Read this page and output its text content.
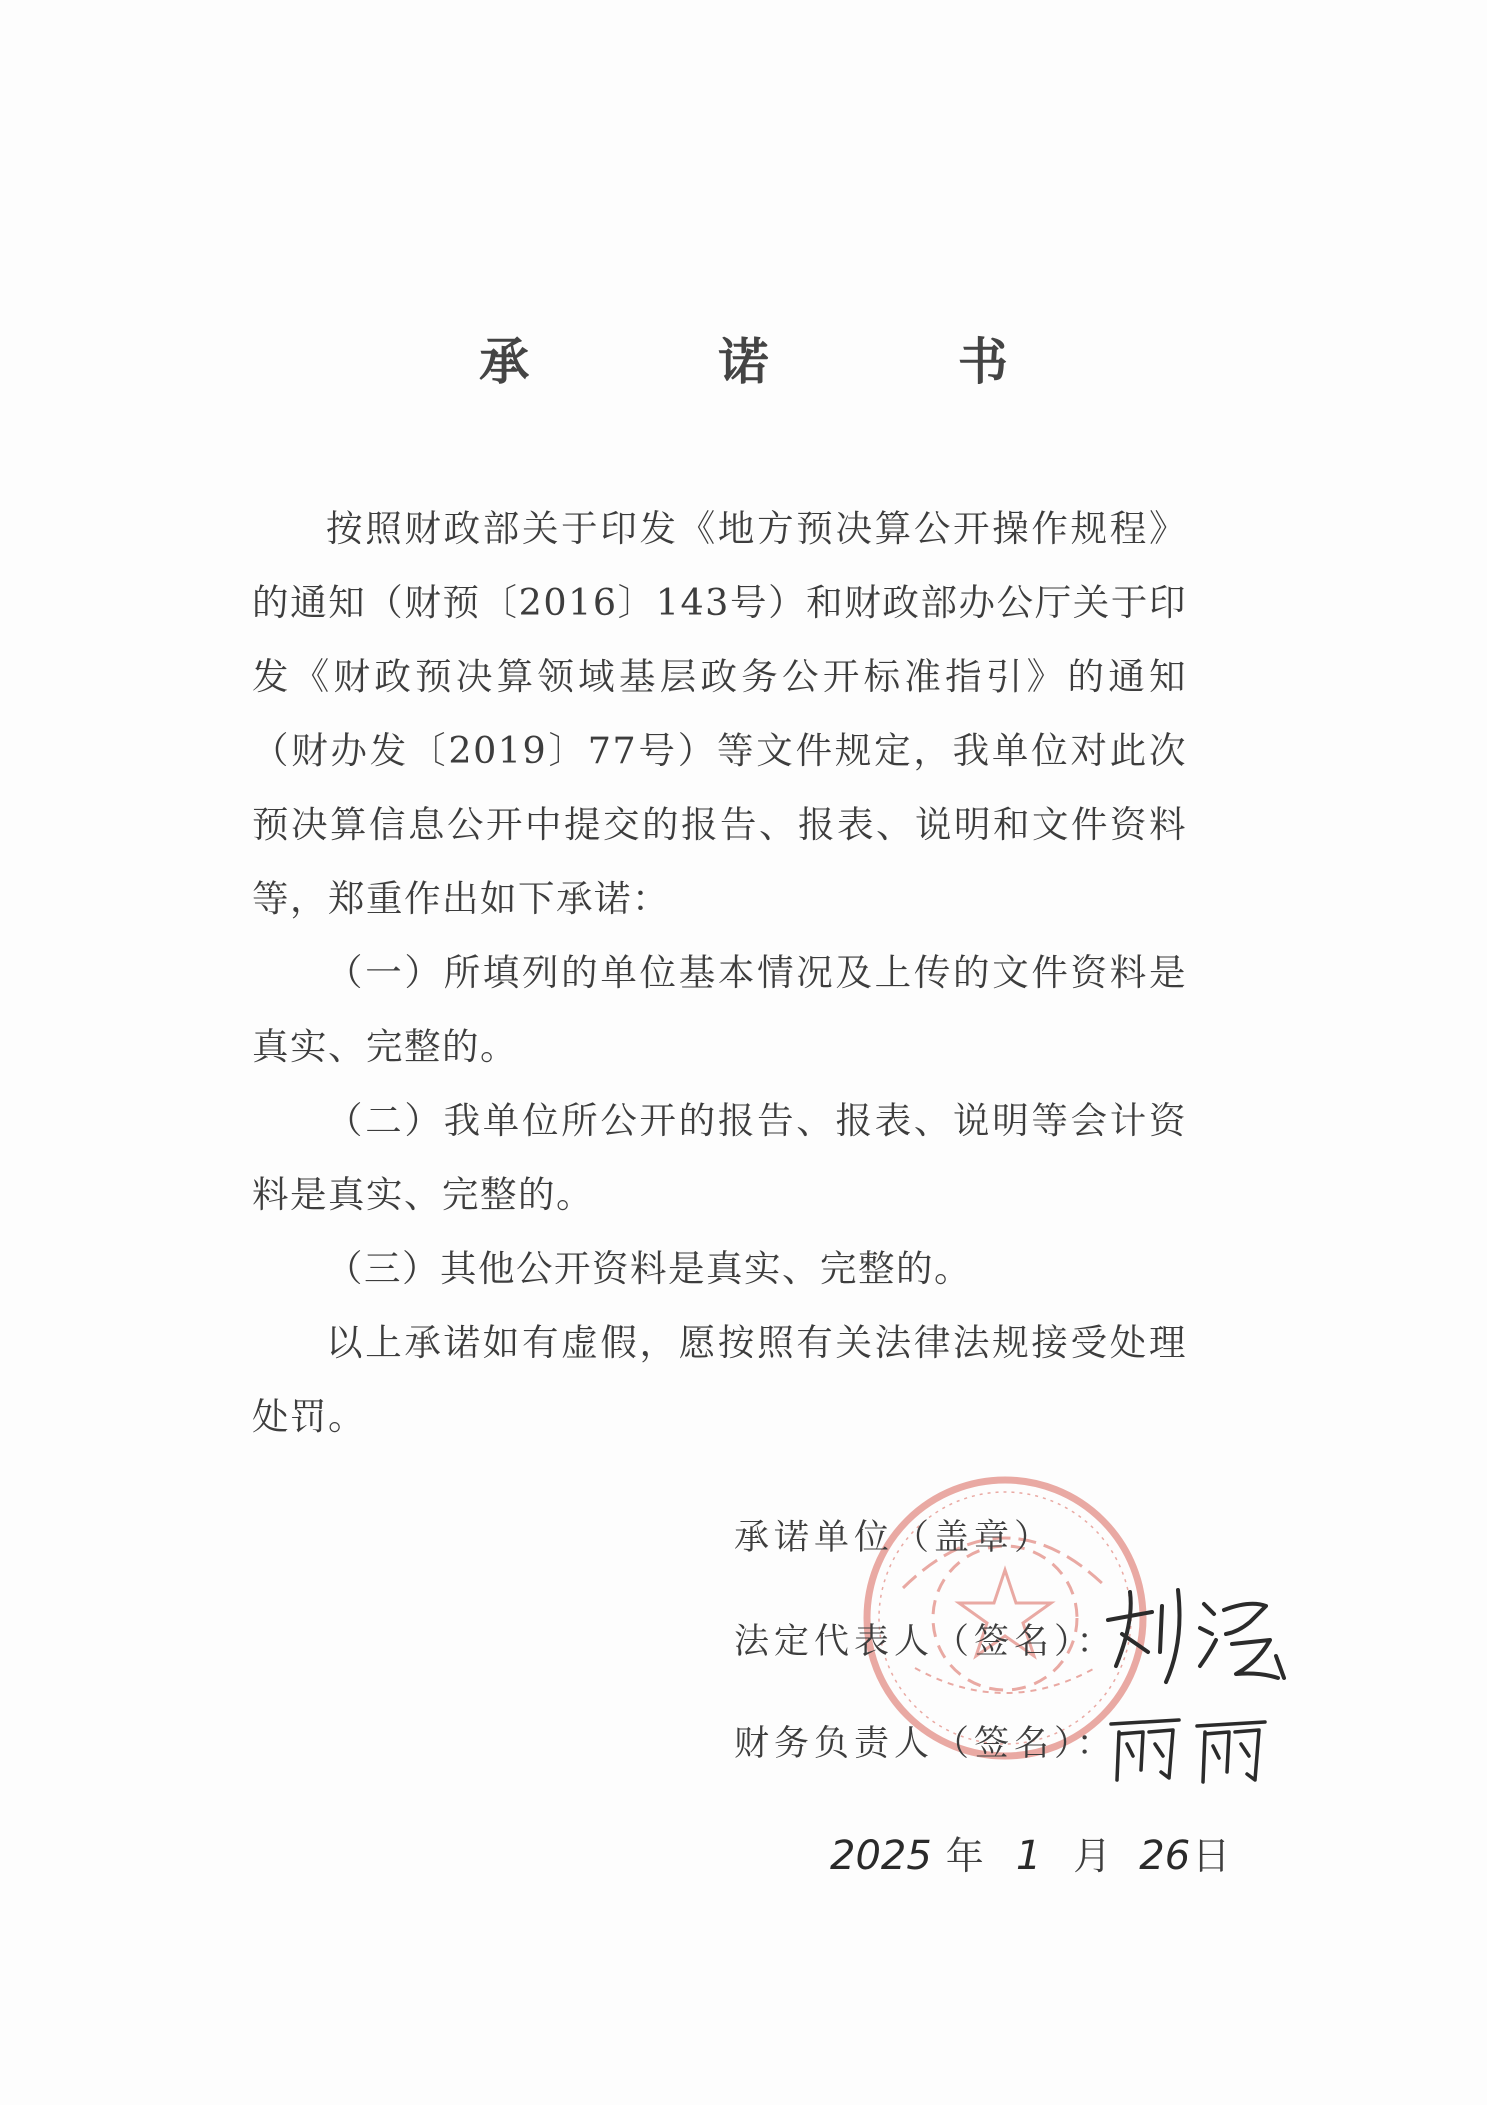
承 诺 书

按照财政部关于印发《地方预决算公开操作规程》的通知（财预〔2016〕143号）和财政部办公厅关于印发《财政预决算领域基层政务公开标准指引》的通知（财办发〔2019〕77号）等文件规定，我单位对此次预决算信息公开中提交的报告、报表、说明和文件资料等，郑重作出如下承诺：

（一）所填列的单位基本情况及上传的文件资料是真实、完整的。

（二）我单位所公开的报告、报表、说明等会计资料是真实、完整的。

（三）其他公开资料是真实、完整的。

以上承诺如有虚假，愿按照有关法律法规接受处理处罚。

承诺单位（盖章）
法定代表人（签名）：
财务负责人（签名）：
2025 年 1 月 26日
